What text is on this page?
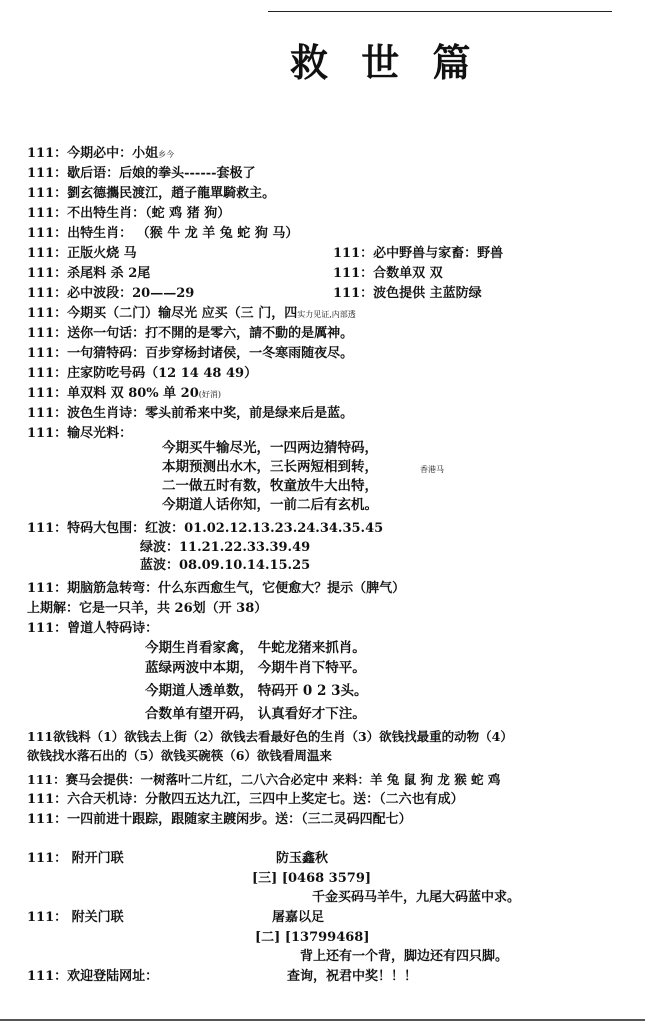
救 世 篇
111：今期必中：小姐乡今
111：歇后语：后娘的拳头------套极了
111：劉玄德攜民渡江，趙子龍單騎救主。
111：不出特生肖：（蛇 鸡 猪 狗）
111：出特生肖： （猴 牛 龙 羊 兔 蛇 狗 马）
111：正版火烧 马	111：必中野兽与家畜：野兽
111：杀尾料 杀 2尾	111：合数单双 双
111：必中波段：20——29	111：波色提供 主蓝防绿
111：今期买（二门）输尽光 应买（三 门，四实力见证,内部透
111：送你一句话：打不開的是零六，請不動的是厲神。
111：一句猜特码：百步穿杨封诸侯，一冬寒雨随夜尽。
111：庄家防吃号码（12 14 48 49）
111：单双料 双 80% 单 20(好消)
111：波色生肖诗：零头前希来中奖，前是绿来后是蓝。
111：输尽光料：
今期买牛输尽光，一四两边猜特码，
本期预测出水木，三长两短相到转，	香港马
二一做五时有数，牧童放牛大出特，
今期道人话你知，一前二后有玄机。
111：特码大包围：红波：01.02.12.13.23.24.34.35.45
绿波：11.21.22.33.39.49
蓝波：08.09.10.14.15.25
111：期脑筋急转弯：什么东西愈生气，它便愈大？提示（脾气）
上期解：它是一只羊，共 26划（开 38）
111：曾道人特码诗：
今期生肖看家禽， 牛蛇龙猪来抓肖。
蓝绿两波中本期， 今期牛肖下特平。
今期道人透单数， 特码开 0 2 3头。
合数单有望开码， 认真看好才下注。
111欲钱料（1）欲钱去上街（2）欲钱去看最好色的生肖（3）欲钱找最重的动物（4）
欲钱找水落石出的（5）欲钱买碗筷（6）欲钱看周温来
111：赛马会提供：一树落叶二片红，二八六合必定中 来料：羊 兔 鼠 狗 龙 猴 蛇 鸡
111：六合天机诗：分散四五达九江，三四中上奖定七。送：（二六也有成）
111：一四前进十跟踪，跟随家主踱闲步。送：（三二灵码四配七）
111： 附开门联	防玉鑫秋
[三] [0468 3579]
千金买码马羊牛，九尾大码蓝中求。
111： 附关门联	屠嘉以足
[二] [13799468]
背上还有一个背，脚边还有四只脚。
111：欢迎登陆网址：	查询，祝君中奖！！！
